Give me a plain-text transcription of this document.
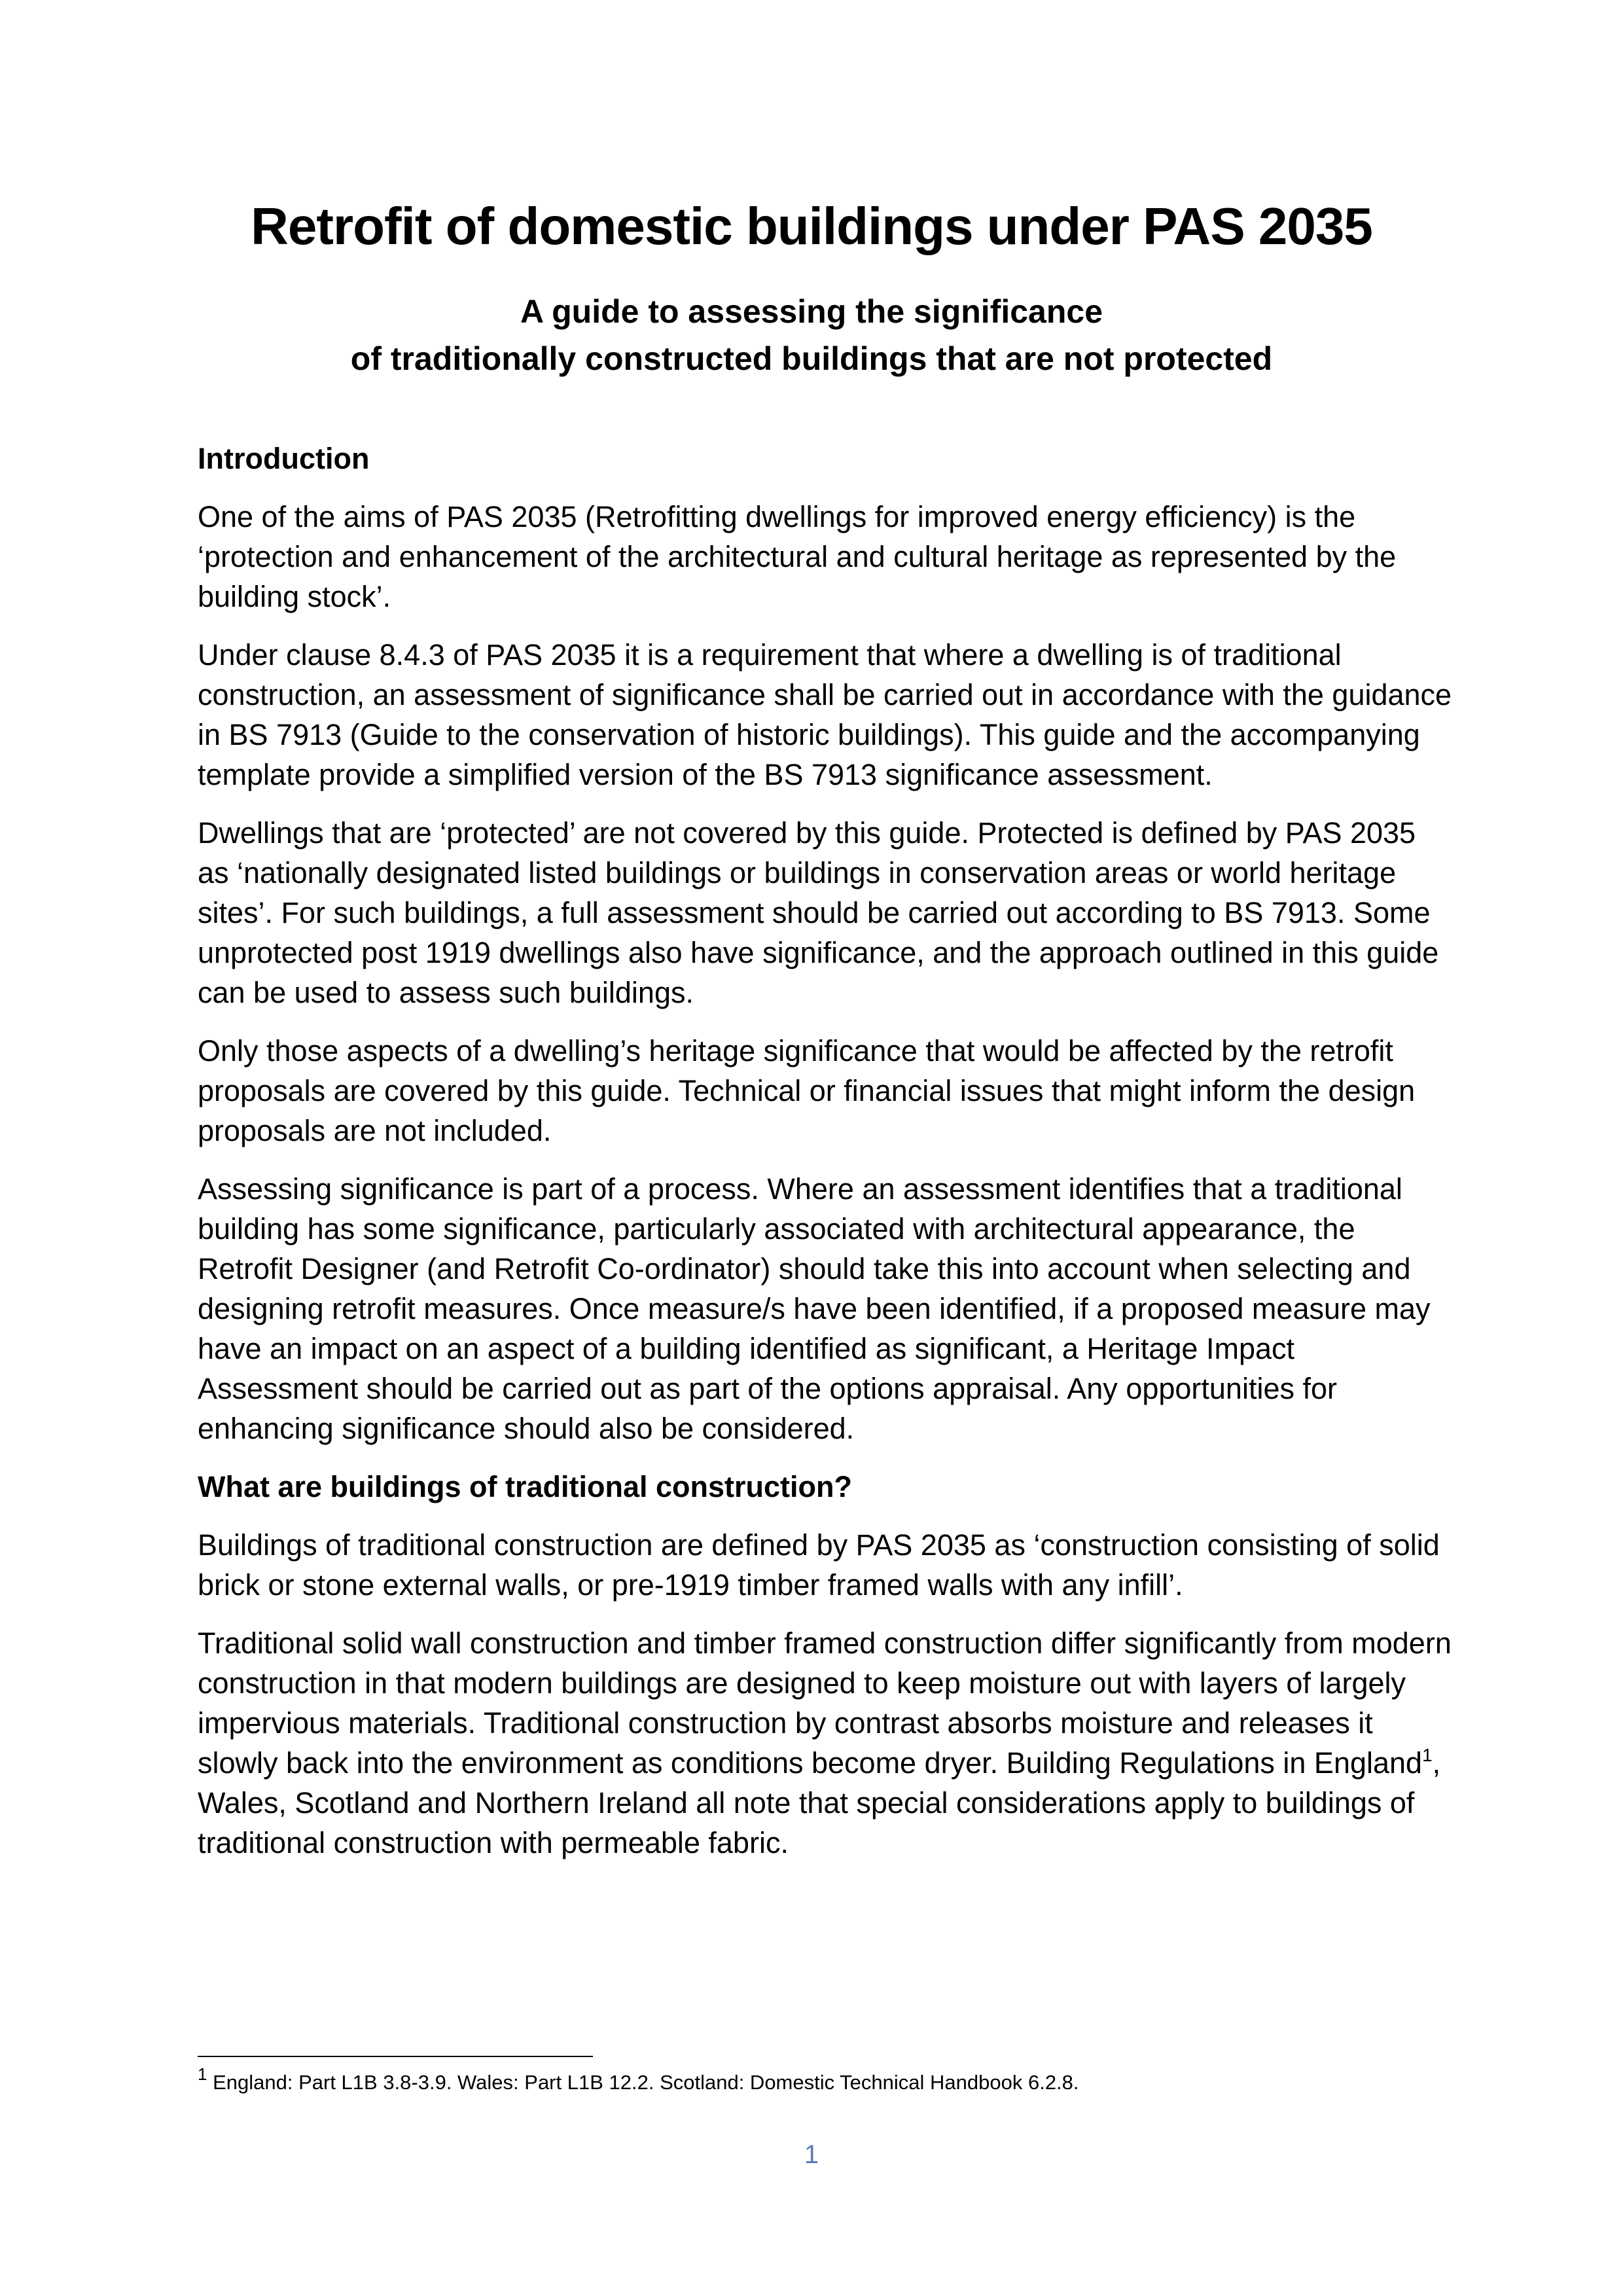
Retrofit of domestic buildings under PAS 2035
A guide to assessing the significance
of traditionally constructed buildings that are not protected
Introduction

One of the aims of PAS 2035 (Retrofitting dwellings for improved energy efficiency) is the ‘protection and enhancement of the architectural and cultural heritage as represented by the building stock’.

Under clause 8.4.3 of PAS 2035 it is a requirement that where a dwelling is of traditional construction, an assessment of significance shall be carried out in accordance with the guidance in BS 7913 (Guide to the conservation of historic buildings). This guide and the accompanying template provide a simplified version of the BS 7913 significance assessment.

Dwellings that are ‘protected’ are not covered by this guide. Protected is defined by PAS 2035 as ‘nationally designated listed buildings or buildings in conservation areas or world heritage sites’. For such buildings, a full assessment should be carried out according to BS 7913. Some unprotected post 1919 dwellings also have significance, and the approach outlined in this guide can be used to assess such buildings.

Only those aspects of a dwelling’s heritage significance that would be affected by the retrofit proposals are covered by this guide. Technical or financial issues that might inform the design proposals are not included.

Assessing significance is part of a process. Where an assessment identifies that a traditional building has some significance, particularly associated with architectural appearance, the Retrofit Designer (and Retrofit Co-ordinator) should take this into account when selecting and designing retrofit measures. Once measure/s have been identified, if a proposed measure may have an impact on an aspect of a building identified as significant, a Heritage Impact Assessment should be carried out as part of the options appraisal. Any opportunities for enhancing significance should also be considered.

What are buildings of traditional construction?

Buildings of traditional construction are defined by PAS 2035 as ‘construction consisting of solid brick or stone external walls, or pre-1919 timber framed walls with any infill’.

Traditional solid wall construction and timber framed construction differ significantly from modern construction in that modern buildings are designed to keep moisture out with layers of largely impervious materials. Traditional construction by contrast absorbs moisture and releases it slowly back into the environment as conditions become dryer. Building Regulations in England$^1$, Wales, Scotland and Northern Ireland all note that special considerations apply to buildings of traditional construction with permeable fabric.

$^1$ England: Part L1B 3.8-3.9. Wales: Part L1B 12.2. Scotland: Domestic Technical Handbook 6.2.8.
1
